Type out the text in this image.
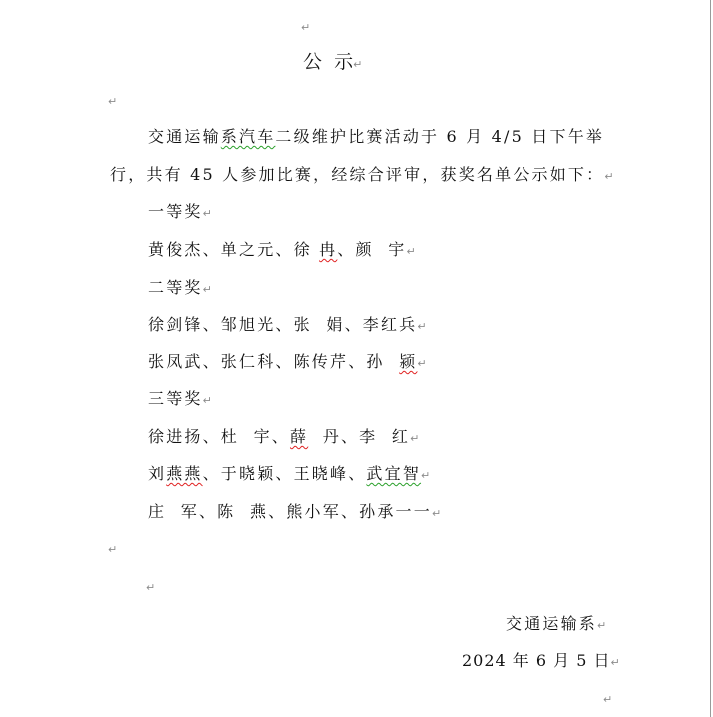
↵
公  示↵
↵
交通运输系汽车二级维护比赛活动于 6 月 4/5 日下午举
行，共有 45 人参加比赛，经综合评审，获奖名单公示如下：↵
一等奖↵
黄俊杰、单之元、徐 冉、颜  宇↵
二等奖↵
徐剑锋、邹旭光、张  娟、李红兵↵
张凤武、张仁科、陈传芹、孙  颍↵
三等奖↵
徐进扬、杜  宇、薛  丹、李  红↵
刘燕燕、于晓颖、王晓峰、武宜智↵
庄  军、陈  燕、熊小军、孙承一一↵
↵
↵
交通运输系↵
2024 年 6 月 5 日↵
↵
